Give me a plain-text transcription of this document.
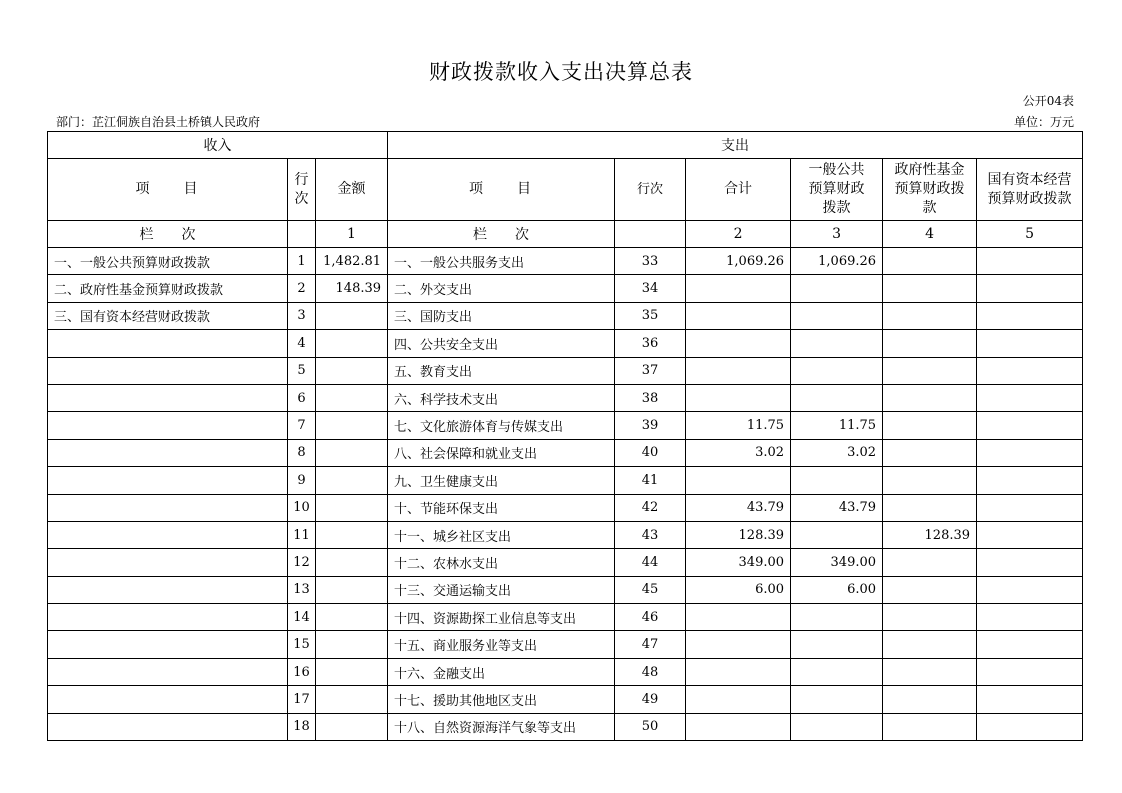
财政拨款收入支出决算总表
公开04表
部门：芷江侗族自治县土桥镇人民政府	单位：万元
收入			支出					
项　　目	行次	金额	项　　目	行次	合计	一般公共预算财政拨款	政府性基金预算财政拨款	国有资本经营预算财政拨款
栏　　次		1	栏　　次		2	3	4	5
一、一般公共预算财政拨款	1	1,482.81	一、一般公共服务支出	33	1,069.26	1,069.26		
二、政府性基金预算财政拨款	2	148.39	二、外交支出	34				
三、国有资本经营财政拨款	3		三、国防支出	35				
	4		四、公共安全支出	36				
	5		五、教育支出	37				
	6		六、科学技术支出	38				
	7		七、文化旅游体育与传媒支出	39	11.75	11.75		
	8		八、社会保障和就业支出	40	3.02	3.02		
	9		九、卫生健康支出	41				
	10		十、节能环保支出	42	43.79	43.79		
	11		十一、城乡社区支出	43	128.39		128.39	
	12		十二、农林水支出	44	349.00	349.00		
	13		十三、交通运输支出	45	6.00	6.00		
	14		十四、资源勘探工业信息等支出	46				
	15		十五、商业服务业等支出	47				
	16		十六、金融支出	48				
	17		十七、援助其他地区支出	49				
	18		十八、自然资源海洋气象等支出	50				
